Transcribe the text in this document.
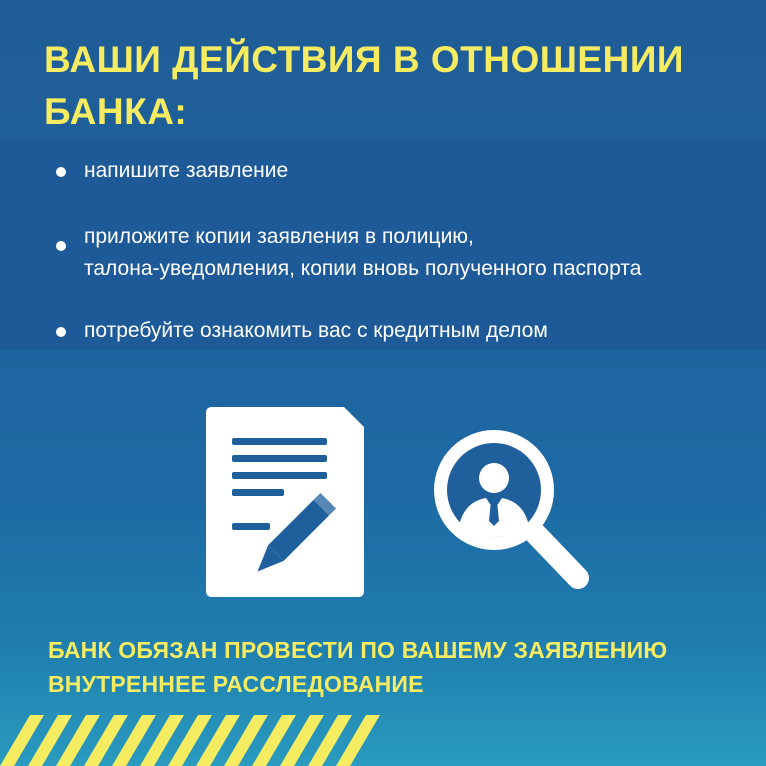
ВАШИ ДЕЙСТВИЯ В ОТНОШЕНИИ
БАНКА:
напишите заявление
приложите копии заявления в полицию,
талона-уведомления, копии вновь полученного паспорта
потребуйте ознакомить вас с кредитным делом

БАНК ОБЯЗАН ПРОВЕСТИ ПО ВАШЕМУ ЗАЯВЛЕНИЮ
ВНУТРЕННЕЕ РАССЛЕДОВАНИЕ
